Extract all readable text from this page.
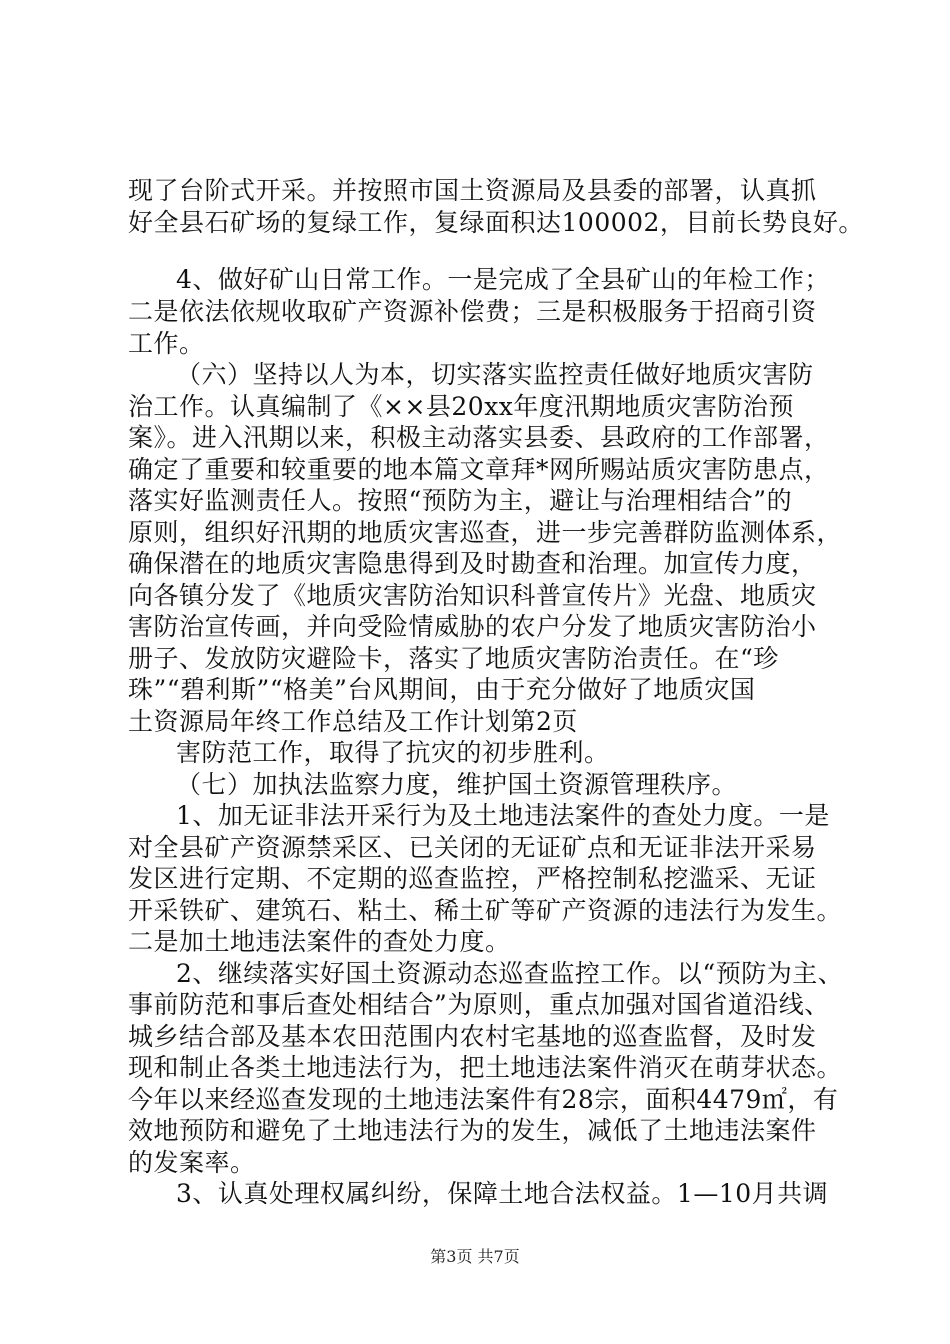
现了台阶式开采。并按照市国土资源局及县委的部署，认真抓
好全县石矿场的复绿工作，复绿面积达100002，目前长势良好。
4、做好矿山日常工作。一是完成了全县矿山的年检工作；
二是依法依规收取矿产资源补偿费；三是积极服务于招商引资
工作。
（六）坚持以人为本，切实落实监控责任做好地质灾害防
治工作。认真编制了《××县20xx年度汛期地质灾害防治预
案》。进入汛期以来，积极主动落实县委、县政府的工作部署，
确定了重要和较重要的地本篇文章拜*网所赐站质灾害防患点，
落实好监测责任人。按照“预防为主，避让与治理相结合”的
原则，组织好汛期的地质灾害巡查，进一步完善群防监测体系，
确保潜在的地质灾害隐患得到及时勘查和治理。加宣传力度，
向各镇分发了《地质灾害防治知识科普宣传片》光盘、地质灾
害防治宣传画，并向受险情威胁的农户分发了地质灾害防治小
册子、发放防灾避险卡，落实了地质灾害防治责任。在“珍
珠”“碧利斯”“格美”台风期间，由于充分做好了地质灾国
土资源局年终工作总结及工作计划第2页
害防范工作，取得了抗灾的初步胜利。
（七）加执法监察力度，维护国土资源管理秩序。
1、加无证非法开采行为及土地违法案件的查处力度。一是
对全县矿产资源禁采区、已关闭的无证矿点和无证非法开采易
发区进行定期、不定期的巡查监控，严格控制私挖滥采、无证
开采铁矿、建筑石、粘土、稀土矿等矿产资源的违法行为发生。
二是加土地违法案件的查处力度。
2、继续落实好国土资源动态巡查监控工作。以“预防为主、
事前防范和事后查处相结合”为原则，重点加强对国省道沿线、
城乡结合部及基本农田范围内农村宅基地的巡查监督，及时发
现和制止各类土地违法行为，把土地违法案件消灭在萌芽状态。
今年以来经巡查发现的土地违法案件有28宗，面积4479㎡，有
效地预防和避免了土地违法行为的发生，减低了土地违法案件
的发案率。
3、认真处理权属纠纷，保障土地合法权益。1—10月共调
第3页 共7页
